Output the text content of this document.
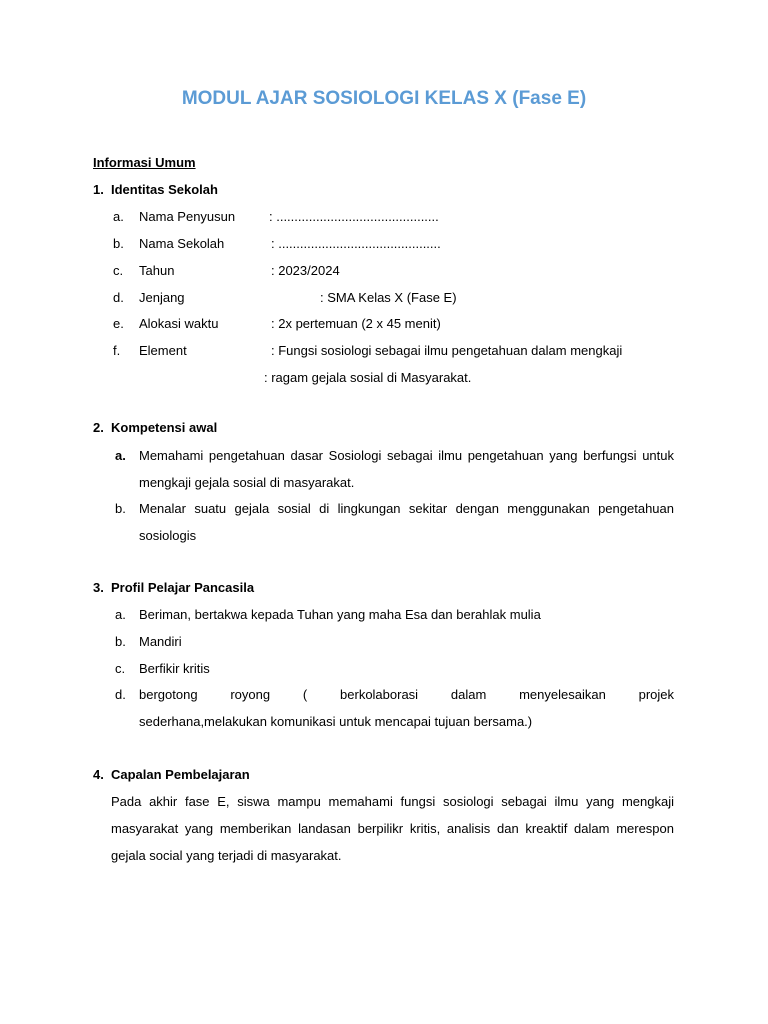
MODUL AJAR SOSIOLOGI KELAS X (Fase E)
Informasi Umum
1. Identitas Sekolah
a. Nama Penyusun	: .............................................
b. Nama Sekolah	: .............................................
c. Tahun	: 2023/2024
d. Jenjang	: SMA Kelas X (Fase E)
e. Alokasi waktu	: 2x pertemuan (2 x 45 menit)
f. Element	: Fungsi sosiologi sebagai ilmu pengetahuan dalam mengkaji
: ragam gejala sosial di Masyarakat.
2. Kompetensi awal
a. Memahami pengetahuan dasar Sosiologi sebagai ilmu pengetahuan yang berfungsi untuk mengkaji gejala sosial di masyarakat.
b. Menalar suatu gejala sosial di lingkungan sekitar dengan menggunakan pengetahuan sosiologis
3. Profil Pelajar Pancasila
a. Beriman, bertakwa kepada Tuhan yang maha Esa dan berahlak mulia
b. Mandiri
c. Berfikir kritis
d. bergotong royong ( berkolaborasi dalam menyelesaikan projek
sederhana,melakukan komunikasi untuk mencapai tujuan bersama.)
4. Capalan Pembelajaran
Pada akhir fase E, siswa mampu memahami fungsi sosiologi sebagai ilmu yang mengkaji masyarakat yang memberikan landasan berpilikr kritis, analisis dan kreaktif dalam merespon gejala social yang terjadi di masyarakat.
